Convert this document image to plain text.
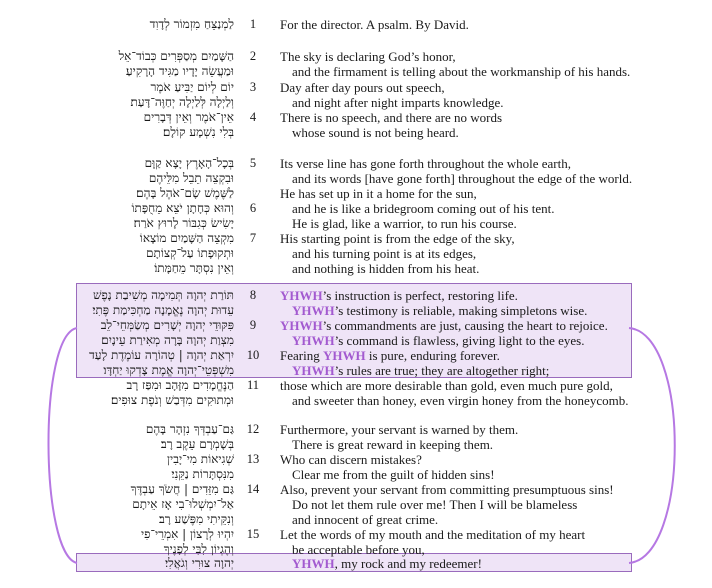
לַמְנַצֵּחַ מִזְמוֹר לְדָוִד	1 For the director. A psalm. By David.
הַשָּׁמַיִם מְסַפְּרִים כְּבוֹד־אֵל	2 The sky is declaring God’s honor,
וּמַעֲשֵׂה יָדָיו מַגִּיד הָרָקִיעַ׃	and the firmament is telling about the workmanship of his hands.
יוֹם לְיוֹם יַבִּיעַ אֹמֶר	3 Day after day pours out speech,
וְלַיְלָה לְּלַיְלָה יְחַוֶּה־דָּעַת׃	and night after night imparts knowledge.
אֵין־אֹמֶר וְאֵין דְּבָרִים	4 There is no speech, and there are no words
בְּלִי נִשְׁמָע קוֹלָם׃	whose sound is not being heard.
בְּכָל־הָאָרֶץ יָצָא קַוָּם	5 Its verse line has gone forth throughout the whole earth,
וּבִקְצֵה תֵבֵל מִלֵּיהֶם	and its words [have gone forth] throughout the edge of the world.
לַשֶּׁמֶשׁ שָׂם־אֹהֶל בָּהֶם׃	He has set up in it a home for the sun,
וְהוּא כְּחָתָן יֹצֵא מֵחֻפָּתוֹ	6	and he is like a bridegroom coming out of his tent.
יָשִׂישׂ כְּגִבּוֹר לָרוּץ אֹרַח׃	He is glad, like a warrior, to run his course.
מִקְצֵה הַשָּׁמַיִם מוֹצָאוֹ	7 His starting point is from the edge of the sky,
וּתְקוּפָתוֹ עַל־קְצוֹתָם	and his turning point is at its edges,
וְאֵין נִסְתָּר מֵחַמָּתוֹ׃	and nothing is hidden from his heat.
תּוֹרַת יְהוָה תְּמִימָה מְשִׁיבַת נָפֶשׁ	8 YHWH’s instruction is perfect, restoring life.
עֵדוּת יְהוָה נֶאֱמָנָה מַחְכִּימַת פֶּתִי׃	YHWH’s testimony is reliable, making simpletons wise.
פִּקּוּדֵי יְהוָה יְשָׁרִים מְשַׂמְּחֵי־לֵב	9 YHWH’s commandments are just, causing the heart to rejoice.
מִצְוַת יְהוָה בָּרָה מְאִירַת עֵינָיִם׃	YHWH’s command is flawless, giving light to the eyes.
יִרְאַת יְהוָה | טְהוֹרָה עוֹמֶדֶת לָעַד 10 Fearing YHWH is pure, enduring forever.
מִשְׁפְּטֵי־יְהוָה אֱמֶת צָדְקוּ יַחְדָּו׃	YHWH’s rules are true; they are altogether right;
הַנֶּחֱמָדִים מִזָּהָב וּמִפַּז רָב 11 those which are more desirable than gold, even much pure gold,
וּמְתוּקִים מִדְּבַשׁ וְנֹפֶת צוּפִים׃	and sweeter than honey, even virgin honey from the honeycomb.
גַּם־עַבְדְּךָ נִזְהָר בָּהֶם 12 Furthermore, your servant is warned by them.
בְּשָׁמְרָם עֵקֶב רָב׃	There is great reward in keeping them.
שְׁגִיאוֹת מִי־יָבִין 13 Who can discern mistakes?
מִנִּסְתָּרוֹת נַקֵּנִי׃	Clear me from the guilt of hidden sins!
גַּם מִזֵּדִים | חֲשֹׂךְ עַבְדֶּךָ 14 Also, prevent your servant from committing presumptuous sins!
אַל־יִמְשְׁלוּ־בִי אָז אֵיתָם	Do not let them rule over me! Then I will be blameless
וְנִקֵּיתִי מִפֶּשַׁע רָב׃	and innocent of great crime.
יִהְיוּ לְרָצוֹן | אִמְרֵי־פִי 15 Let the words of my mouth and the meditation of my heart
וְהֶגְיוֹן לִבִּי לְפָנֶיךָ	be acceptable before you,
יְהוָה צוּרִי וְגֹאֲלִי׃	YHWH, my rock and my redeemer!
